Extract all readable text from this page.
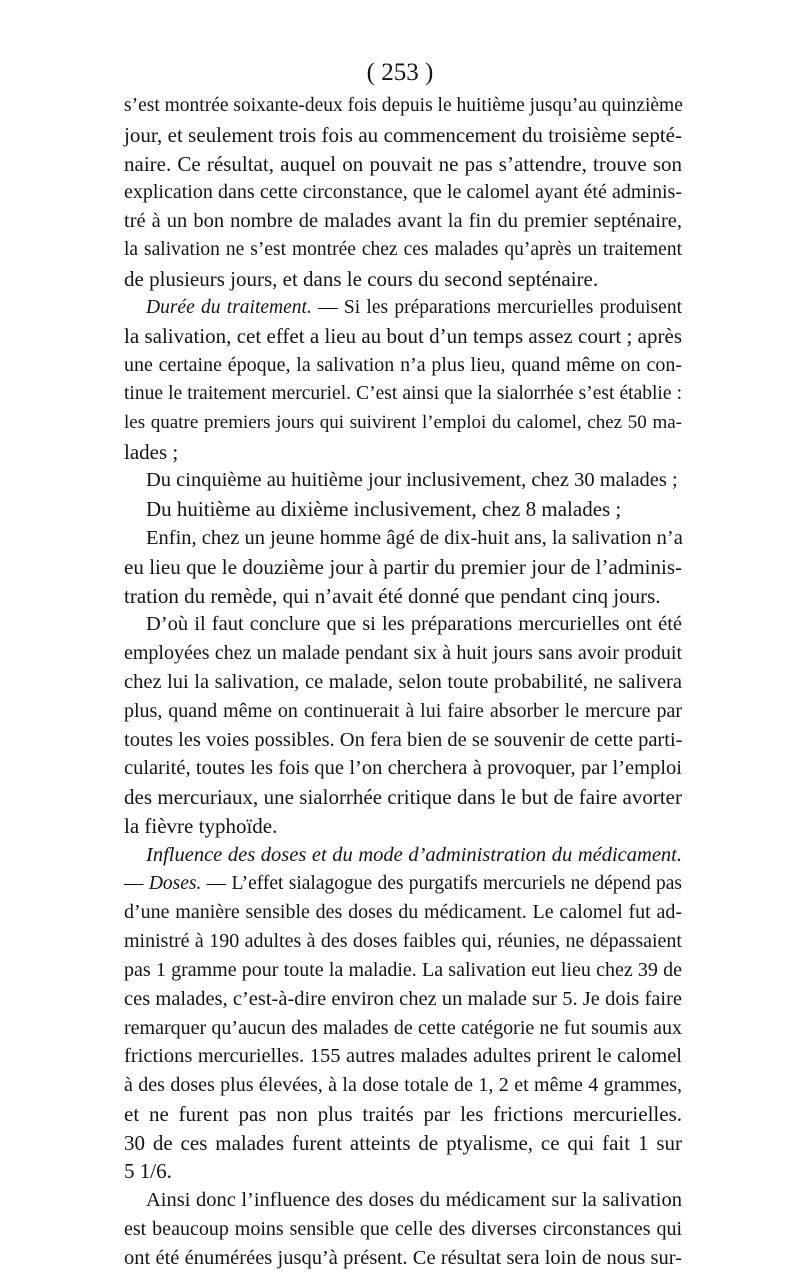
( 253 )
s’est montrée soixante-deux fois depuis le huitième jusqu’au quinzième
jour, et seulement trois fois au commencement du troisième septé-
naire. Ce résultat, auquel on pouvait ne pas s’attendre, trouve son
explication dans cette circonstance, que le calomel ayant été adminis-
tré à un bon nombre de malades avant la fin du premier septénaire,
la salivation ne s’est montrée chez ces malades qu’après un traitement
de plusieurs jours, et dans le cours du second septénaire.
Durée du traitement. — Si les préparations mercurielles produisent
la salivation, cet effet a lieu au bout d’un temps assez court ; après
une certaine époque, la salivation n’a plus lieu, quand même on con-
tinue le traitement mercuriel. C’est ainsi que la sialorrhée s’est établie :
les quatre premiers jours qui suivirent l’emploi du calomel, chez 50 ma-
lades ;
Du cinquième au huitième jour inclusivement, chez 30 malades ;
Du huitième au dixième inclusivement, chez 8 malades ;
Enfin, chez un jeune homme âgé de dix-huit ans, la salivation n’a
eu lieu que le douzième jour à partir du premier jour de l’adminis-
tration du remède, qui n’avait été donné que pendant cinq jours.
D’où il faut conclure que si les préparations mercurielles ont été
employées chez un malade pendant six à huit jours sans avoir produit
chez lui la salivation, ce malade, selon toute probabilité, ne salivera
plus, quand même on continuerait à lui faire absorber le mercure par
toutes les voies possibles. On fera bien de se souvenir de cette parti-
cularité, toutes les fois que l’on cherchera à provoquer, par l’emploi
des mercuriaux, une sialorrhée critique dans le but de faire avorter
la fièvre typhoïde.
Influence des doses et du mode d’administration du médicament.
— Doses. — L’effet sialagogue des purgatifs mercuriels ne dépend pas
d’une manière sensible des doses du médicament. Le calomel fut ad-
ministré à 190 adultes à des doses faibles qui, réunies, ne dépassaient
pas 1 gramme pour toute la maladie. La salivation eut lieu chez 39 de
ces malades, c’est-à-dire environ chez un malade sur 5. Je dois faire
remarquer qu’aucun des malades de cette catégorie ne fut soumis aux
frictions mercurielles. 155 autres malades adultes prirent le calomel
à des doses plus élevées, à la dose totale de 1, 2 et même 4 grammes,
et ne furent pas non plus traités par les frictions mercurielles.
30 de ces malades furent atteints de ptyalisme, ce qui fait 1 sur
5 1/6.
Ainsi donc l’influence des doses du médicament sur la salivation
est beaucoup moins sensible que celle des diverses circonstances qui
ont été énumérées jusqu’à présent. Ce résultat sera loin de nous sur-
